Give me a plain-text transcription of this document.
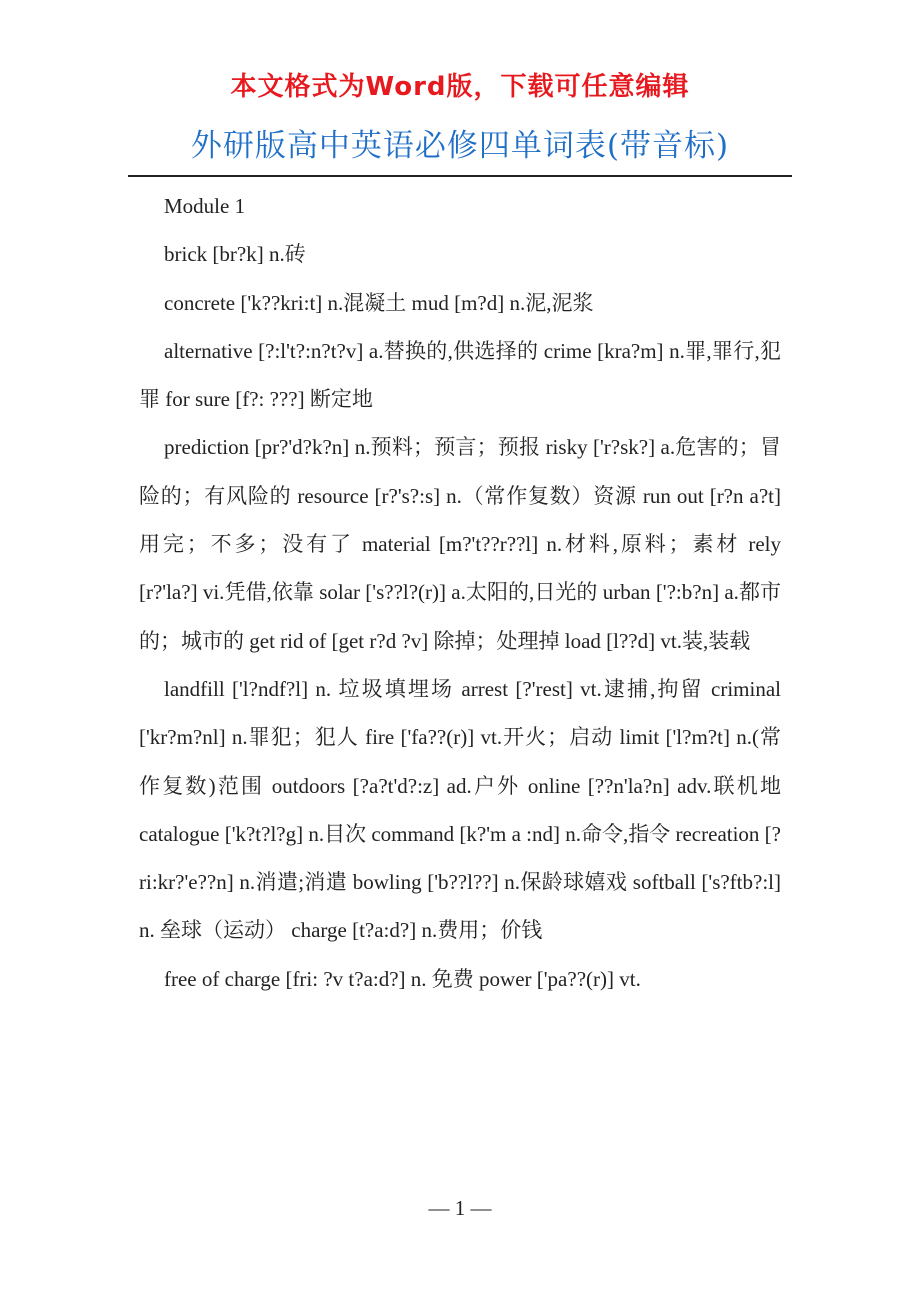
本文格式为Word版，下载可任意编辑
外研版高中英语必修四单词表(带音标)

Module 1

brick [br?k] n.砖

concrete ['k??kri:t] n.混凝土 mud [m?d] n.泥,泥浆

alternative [?:l't?:n?t?v] a.替换的,供选择的 crime [kra?m] n.罪,罪行,犯罪 for sure [f?: ???] 断定地

prediction [pr?'d?k?n] n.预料；预言；预报 risky ['r?sk?] a.危害的；冒险的；有风险的 resource [r?'s?:s] n.（常作复数）资源 run out [r?n a?t] 用完；不多；没有了 material [m?'t??r??l] n.材料,原料；素材 rely [r?'la?] vi.凭借,依靠 solar ['s??l?(r)] a.太阳的,日光的 urban ['?:b?n] a.都市的；城市的 get rid of [get r?d ?v] 除掉；处理掉 load [l??d] vt.装,装载

landfill ['l?ndf?l] n. 垃圾填埋场 arrest [?'rest] vt.逮捕,拘留 criminal ['kr?m?nl] n.罪犯；犯人 fire ['fa??(r)] vt.开火；启动 limit ['l?m?t] n.(常作复数)范围 outdoors [?a?t'd?:z] ad.户外 online [??n'la?n] adv.联机地 catalogue ['k?t?l?g] n.目次 command [k?'m a :nd] n.命令,指令 recreation [?ri:kr?'e??n] n.消遣;消遣 bowling ['b??l??] n.保龄球嬉戏 softball ['s?ftb?:l] n. 垒球（运动） charge [t?a:d?] n.费用；价钱

free of charge [fri: ?v t?a:d?] n. 免费 power ['pa??(r)] vt.

— 1 —
